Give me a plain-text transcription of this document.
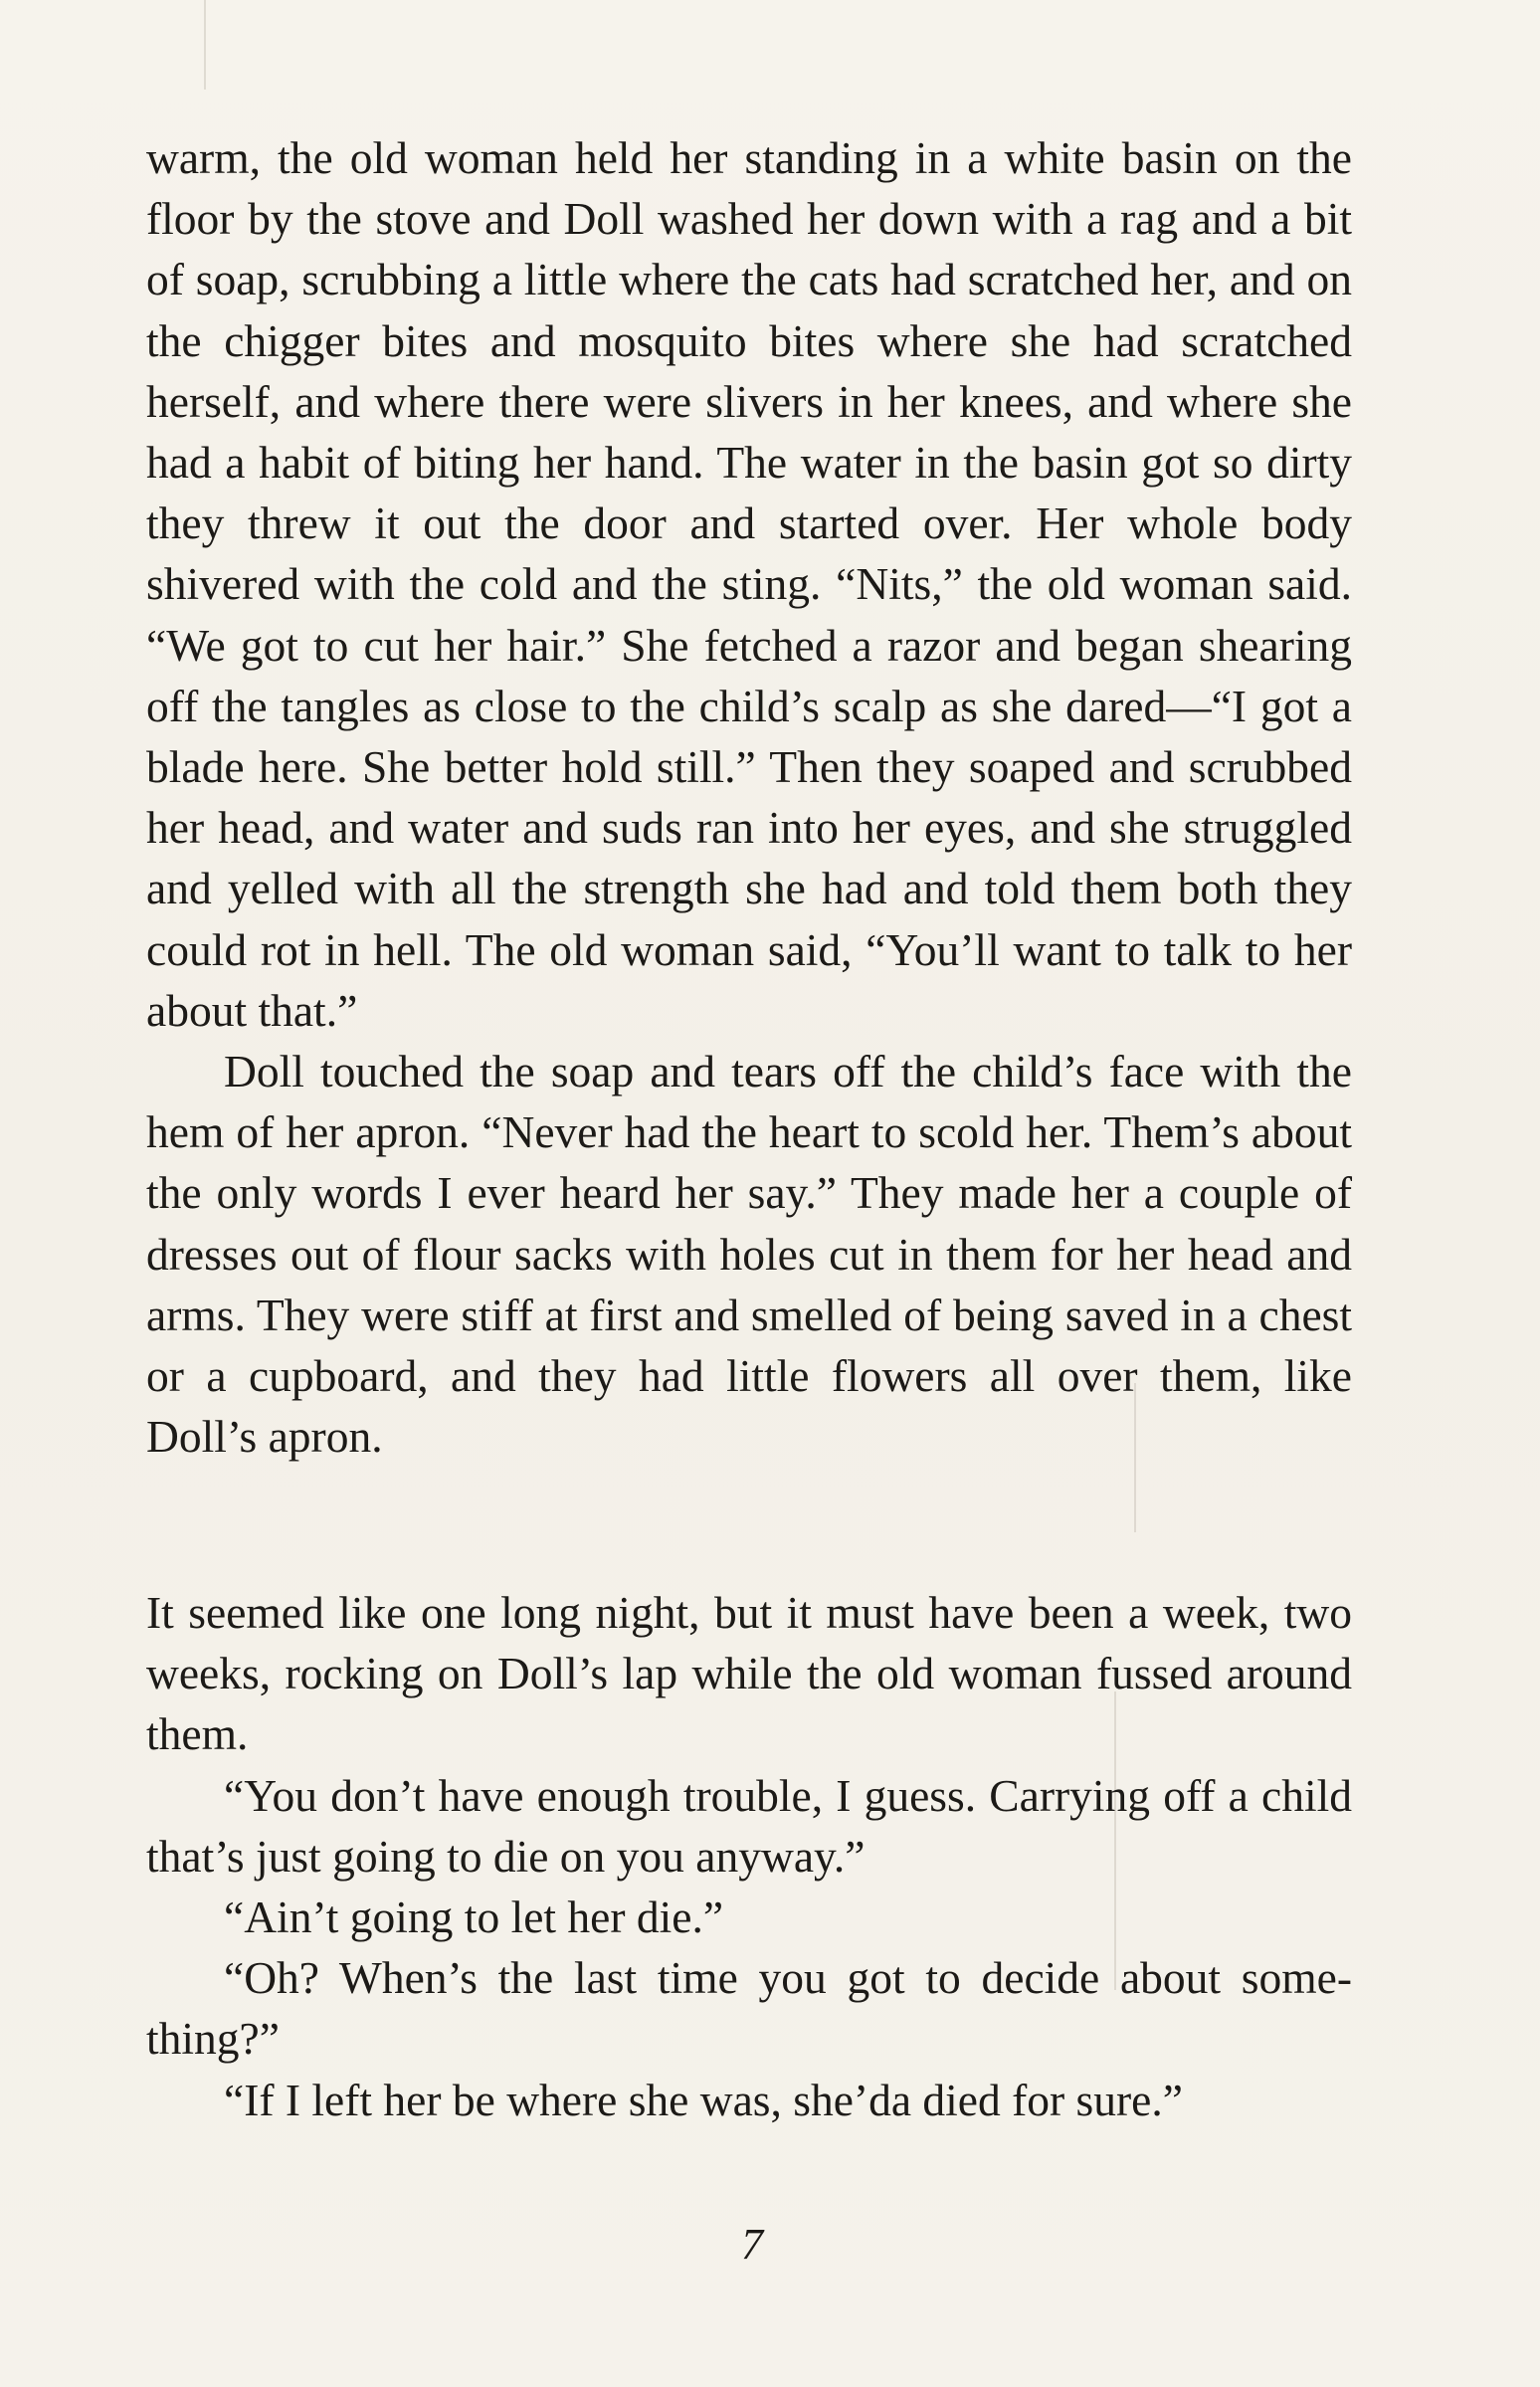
warm, the old woman held her standing in a white basin on the floor by the stove and Doll washed her down with a rag and a bit of soap, scrubbing a little where the cats had scratched her, and on the chigger bites and mosquito bites where she had scratched herself, and where there were slivers in her knees, and where she had a habit of biting her hand. The water in the basin got so dirty they threw it out the door and started over. Her whole body shivered with the cold and the sting. “Nits,” the old woman said. “We got to cut her hair.” She fetched a razor and began shearing off the tangles as close to the child’s scalp as she dared—“I got a blade here. She better hold still.” Then they soaped and scrubbed her head, and water and suds ran into her eyes, and she struggled and yelled with all the strength she had and told them both they could rot in hell. The old woman said, “You’ll want to talk to her about that.”

Doll touched the soap and tears off the child’s face with the hem of her apron. “Never had the heart to scold her. Them’s about the only words I ever heard her say.” They made her a couple of dresses out of flour sacks with holes cut in them for her head and arms. They were stiff at first and smelled of being saved in a chest or a cupboard, and they had little flowers all over them, like Doll’s apron.

It seemed like one long night, but it must have been a week, two weeks, rocking on Doll’s lap while the old woman fussed around them.

“You don’t have enough trouble, I guess. Carrying off a child that’s just going to die on you anyway.”

“Ain’t going to let her die.”

“Oh? When’s the last time you got to decide about some-thing?”

“If I left her be where she was, she’da died for sure.”

7
